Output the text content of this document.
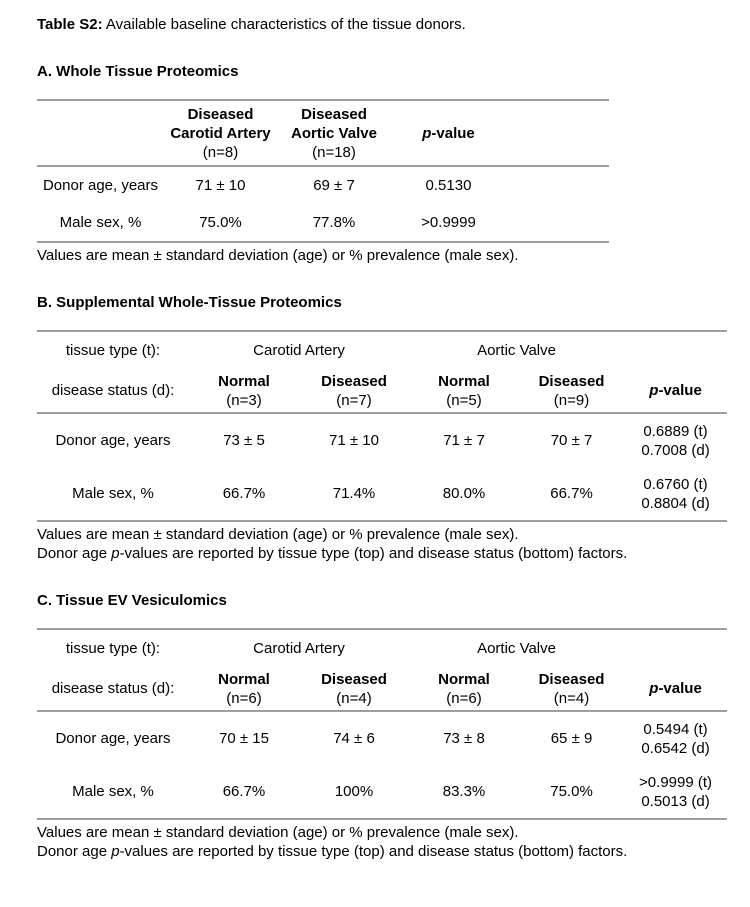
Table S2: Available baseline characteristics of the tissue donors.

A. Whole Tissue Proteomics
	Diseased
Carotid Artery
(n=8)	Diseased
Aortic Valve
(n=18)	p-value	
Donor age, years	71 ± 10	69 ± 7	0.5130	
Male sex, %	75.0%	77.8%	>0.9999	

Values are mean ± standard deviation (age) or % prevalence (male sex).

B. Supplemental Whole-Tissue Proteomics
tissue type (t):	Carotid Artery		Aortic Valve		
disease status (d):	Normal
(n=3)	Diseased
(n=7)	Normal
(n=5)	Diseased
(n=9)	p-value
Donor age, years	73 ± 5	71 ± 10	71 ± 7	70 ± 7	0.6889 (t)
0.7008 (d)
Male sex, %	66.7%	71.4%	80.0%	66.7%	0.6760 (t)
0.8804 (d)

Values are mean ± standard deviation (age) or % prevalence (male sex).
Donor age p-values are reported by tissue type (top) and disease status (bottom) factors.

C. Tissue EV Vesiculomics
tissue type (t):	Carotid Artery		Aortic Valve		
disease status (d):	Normal
(n=6)	Diseased
(n=4)	Normal
(n=6)	Diseased
(n=4)	p-value
Donor age, years	70 ± 15	74 ± 6	73 ± 8	65 ± 9	0.5494 (t)
0.6542 (d)
Male sex, %	66.7%	100%	83.3%	75.0%	>0.9999 (t)
0.5013 (d)

Values are mean ± standard deviation (age) or % prevalence (male sex).
Donor age p-values are reported by tissue type (top) and disease status (bottom) factors.
